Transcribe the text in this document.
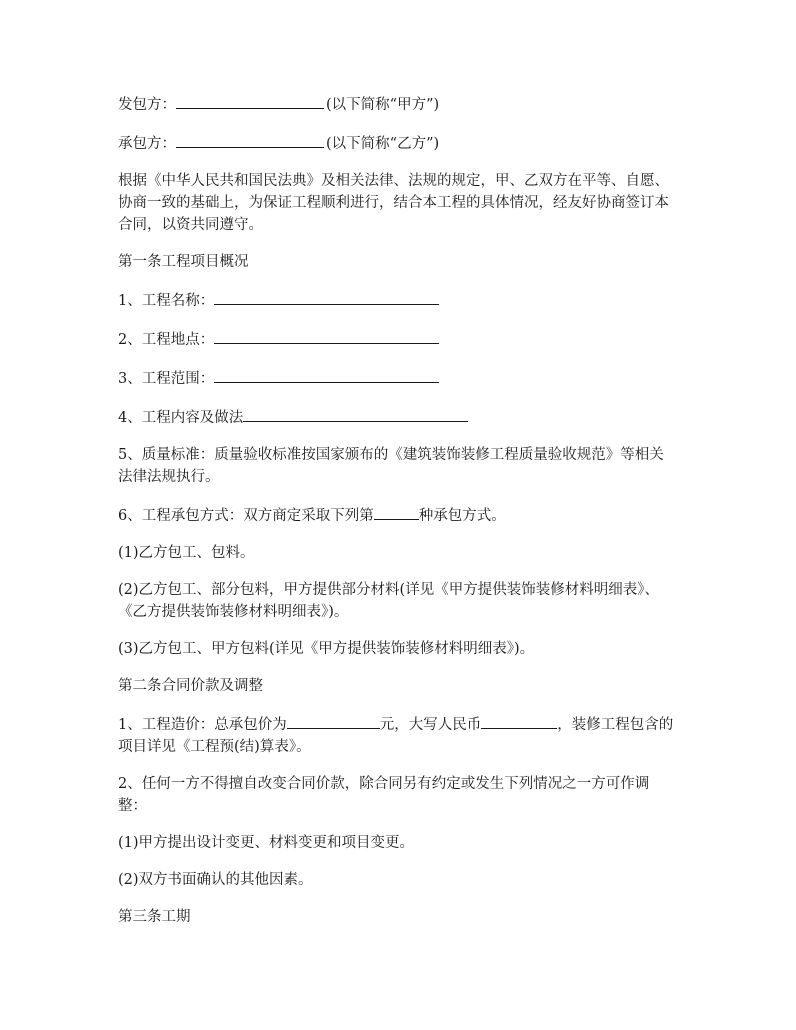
发包方：	(以下简称“甲方”)

承包方：	(以下简称“乙方”)

根据《中华人民共和国民法典》及相关法律、法规的规定，甲、乙双方在平等、自愿、协商一致的基础上，为保证工程顺利进行，结合本工程的具体情况，经友好协商签订本合同，以资共同遵守。

第一条工程项目概况

1、工程名称：

2、工程地点：

3、工程范围：

4、工程内容及做法

5、质量标准：质量验收标准按国家颁布的《建筑装饰装修工程质量验收规范》等相关法律法规执行。

6、工程承包方式：双方商定采取下列第	种承包方式。

(1)乙方包工、包料。

(2)乙方包工、部分包料，甲方提供部分材料(详见《甲方提供装饰装修材料明细表》、《乙方提供装饰装修材料明细表》)。

(3)乙方包工、甲方包料(详见《甲方提供装饰装修材料明细表》)。

第二条合同价款及调整

1、工程造价：总承包价为	元，大写人民币	，装修工程包含的项目详见《工程预(结)算表》。

2、任何一方不得擅自改变合同价款，除合同另有约定或发生下列情况之一方可作调整：

(1)甲方提出设计变更、材料变更和项目变更。

(2)双方书面确认的其他因素。

第三条工期
